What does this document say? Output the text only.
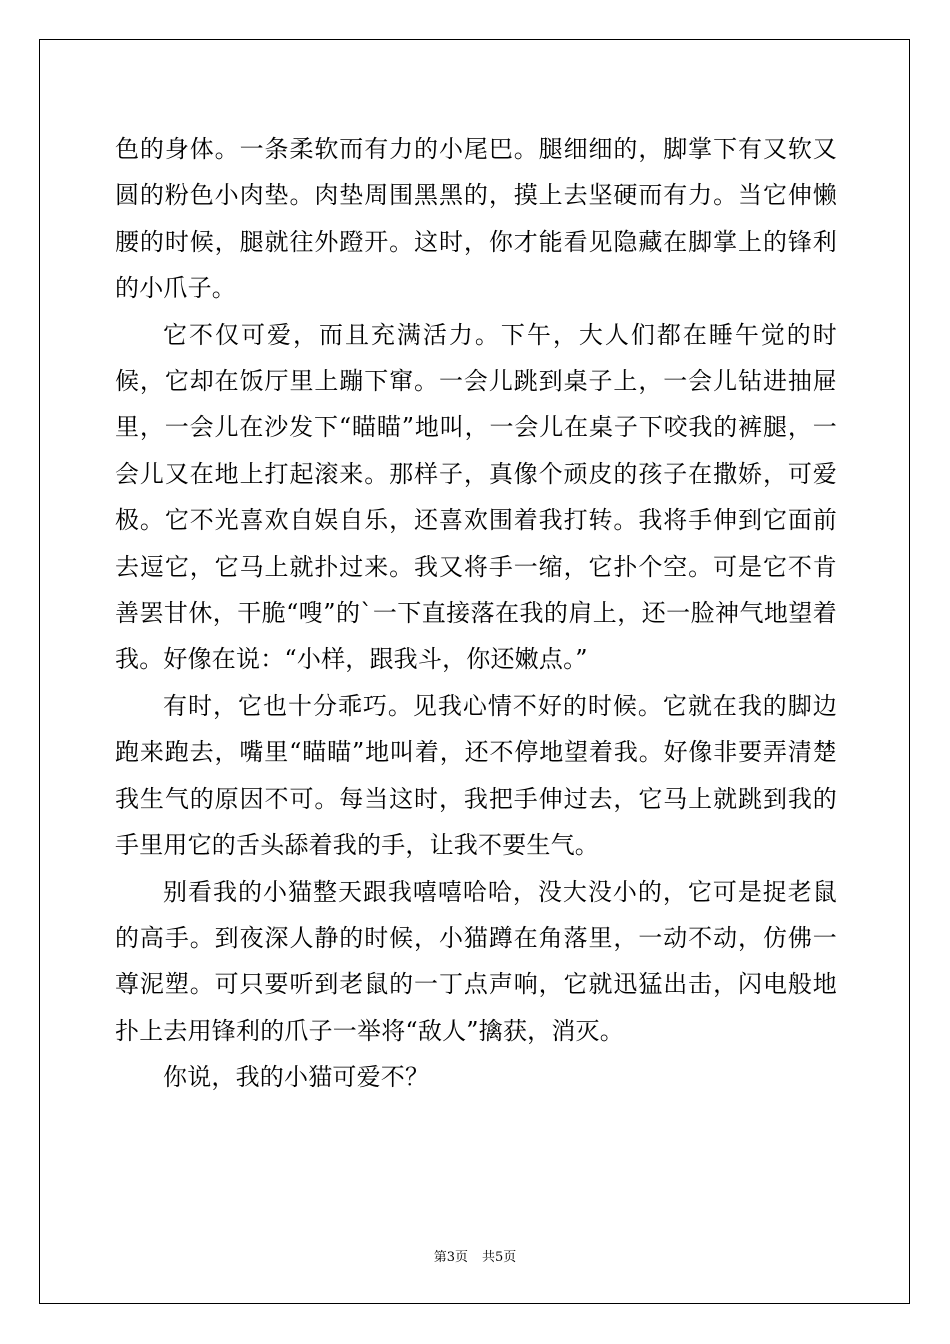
色的身体。一条柔软而有力的小尾巴。腿细细的，脚掌下有又软又圆的粉色小肉垫。肉垫周围黑黑的，摸上去坚硬而有力。当它伸懒腰的时候，腿就往外蹬开。这时，你才能看见隐藏在脚掌上的锋利的小爪子。

它不仅可爱，而且充满活力。下午，大人们都在睡午觉的时候，它却在饭厅里上蹦下窜。一会儿跳到桌子上，一会儿钻进抽屉里，一会儿在沙发下“瞄瞄”地叫，一会儿在桌子下咬我的裤腿，一会儿又在地上打起滚来。那样子，真像个顽皮的孩子在撒娇，可爱极。它不光喜欢自娱自乐，还喜欢围着我打转。我将手伸到它面前去逗它，它马上就扑过来。我又将手一缩，它扑个空。可是它不肯善罢甘休，干脆“嗖”的`一下直接落在我的肩上，还一脸神气地望着我。好像在说：“小样，跟我斗，你还嫩点。”

有时，它也十分乖巧。见我心情不好的时候。它就在我的脚边跑来跑去，嘴里“瞄瞄”地叫着，还不停地望着我。好像非要弄清楚我生气的原因不可。每当这时，我把手伸过去，它马上就跳到我的手里用它的舌头舔着我的手，让我不要生气。

别看我的小猫整天跟我嘻嘻哈哈，没大没小的，它可是捉老鼠的高手。到夜深人静的时候，小猫蹲在角落里，一动不动，仿佛一尊泥塑。可只要听到老鼠的一丁点声响，它就迅猛出击，闪电般地扑上去用锋利的爪子一举将“敌人”擒获，消灭。

你说，我的小猫可爱不？

第3页 共5页
